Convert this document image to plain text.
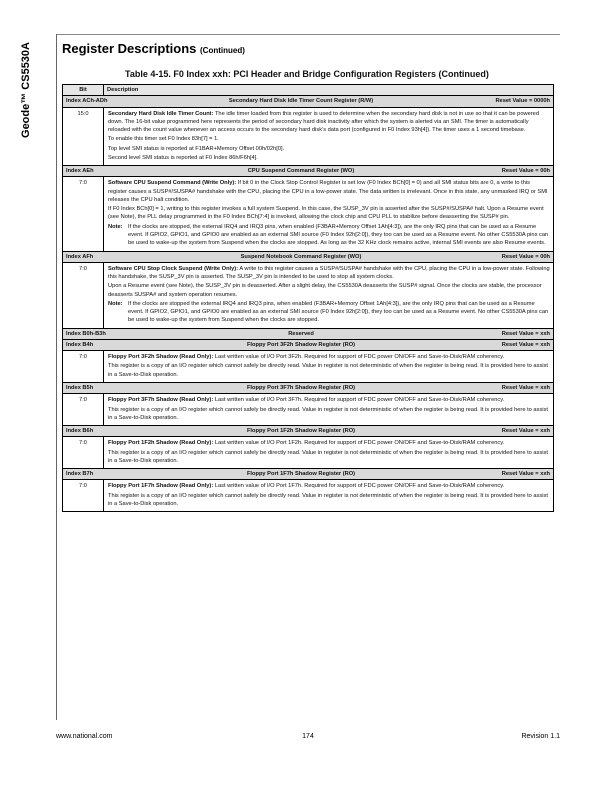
Geode™ CS5530A Register Descriptions (Continued)
Table 4-15. F0 Index xxh: PCI Header and Bridge Configuration Registers (Continued)
Bit	Description
Index ACh-ADh	Secondary Hard Disk Idle Timer Count Register (R/W)	Reset Value = 0000h
15:0	Secondary Hard Disk Idle Timer Count: The idle timer loaded from this register is used to determine when the secondary hard disk is not in use so that it can be powered down. The 16-bit value programmed here represents the period of secondary hard disk inactivity after which the system is alerted via an SMI. The timer is automatically reloaded with the count value whenever an access occurs to the secondary hard disk’s data port (configured in F0 Index 93h[4]). The timer uses a 1 second timebase.

To enable this timer set F0 Index 83h[7] = 1.

Top level SMI status is reported at F1BAR+Memory Offset 00h/02h[0].

Second level SMI status is reported at F0 Index 86h/F6h[4].

Index AEh	CPU Suspend Command Register (WO)	Reset Value = 00h
7:0	Software CPU Suspend Command (Write Only): If bit 0 in the Clock Stop Control Register is set low (F0 Index BCh[0] = 0) and all SMI status bits are 0, a write to this register causes a SUSP#/SUSPA# handshake with the CPU, placing the CPU in a low-power state. The data written is irrelevant. Once in this state, any unmasked IRQ or SMI releases the CPU halt condition.

If F0 Index BCh[0] = 1, writing to this register invokes a full system Suspend. In this case, the SUSP_3V pin is asserted after the SUSP#/SUSPA# halt. Upon a Resume event (see Note), the PLL delay programmed in the F0 Index BCh[7:4] is invoked, allowing the clock chip and CPU PLL to stabilize before deasserting the SUSP# pin.

Note: If the clocks are stopped, the external IRQ4 and IRQ3 pins, when enabled (F3BAR+Memory Offset 1Ah[4:3]), are the only IRQ pins that can be used as a Resume event. If GPIO2, GPIO1, and GPIO0 are enabled as an external SMI source (F0 Index 92h[2:0]), they too can be used as a Resume event. No other CS5530A pins can be used to wake-up the system from Suspend when the clocks are stopped. As long as the 32 KHz clock remains active, internal SMI events are also Resume events.
Index AFh	Suspend Notebook Command Register (WO)	Reset Value = 00h
7:0	Software CPU Stop Clock Suspend (Write Only): A write to this register causes a SUSP#/SUSPA# handshake with the CPU, placing the CPU in a low-power state. Following this handshake, the SUSP_3V pin is asserted. The SUSP_3V pin is intended to be used to stop all system clocks.

Upon a Resume event (see Note), the SUSP_3V pin is deasserted. After a slight delay, the CS5530A deasserts the SUSP# signal. Once the clocks are stable, the processor deasserts SUSPA# and system operation resumes.

Note: If the clocks are stopped the external IRQ4 and IRQ3 pins, when enabled (F3BAR+Memory Offset 1Ah[4:3]), are the only IRQ pins that can be used as a Resume event. If GPIO2, GPIO1, and GPIO0 are enabled as an external SMI source (F0 Index 92h[2:0]), they too can be used as a Resume event. No other CS5530A pins can be used to wake-up the system from Suspend when the clocks are stopped.
Index B0h-B3h	Reserved	Reset Value = xxh
Index B4h	Floppy Port 3F2h Shadow Register (RO)	Reset Value = xxh
7:0	Floppy Port 3F2h Shadow (Read Only): Last written value of I/O Port 3F2h. Required for support of FDC power ON/OFF and Save-to-Disk/RAM coherency.

This register is a copy of an I/O register which cannot safely be directly read. Value in register is not deterministic of when the register is being read. It is provided here to assist in a Save-to-Disk operation.

Index B5h	Floppy Port 3F7h Shadow Register (RO)	Reset Value = xxh
7:0	Floppy Port 3F7h Shadow (Read Only): Last written value of I/O Port 3F7h. Required for support of FDC power ON/OFF and Save-to-Disk/RAM coherency.

This register is a copy of an I/O register which cannot safely be directly read. Value in register is not deterministic of when the register is being read. It is provided here to assist in a Save-to-Disk operation.

Index B6h	Floppy Port 1F2h Shadow Register (RO)	Reset Value = xxh
7:0	Floppy Port 1F2h Shadow (Read Only): Last written value of I/O Port 1F2h. Required for support of FDC power ON/OFF and Save-to-Disk/RAM coherency.

This register is a copy of an I/O register which cannot safely be directly read. Value in register is not deterministic of when the register is being read. It is provided here to assist in a Save-to-Disk operation.

Index B7h	Floppy Port 1F7h Shadow Register (RO)	Reset Value = xxh
7:0	Floppy Port 1F7h Shadow (Read Only): Last written value of I/O Port 1F7h. Required for support of FDC power ON/OFF and Save-to-Disk/RAM coherency.

This register is a copy of an I/O register which cannot safely be directly read. Value in register is not deterministic of when the register is being read. It is provided here to assist in a Save-to-Disk operation.

www.national.com	174	Revision 1.1
